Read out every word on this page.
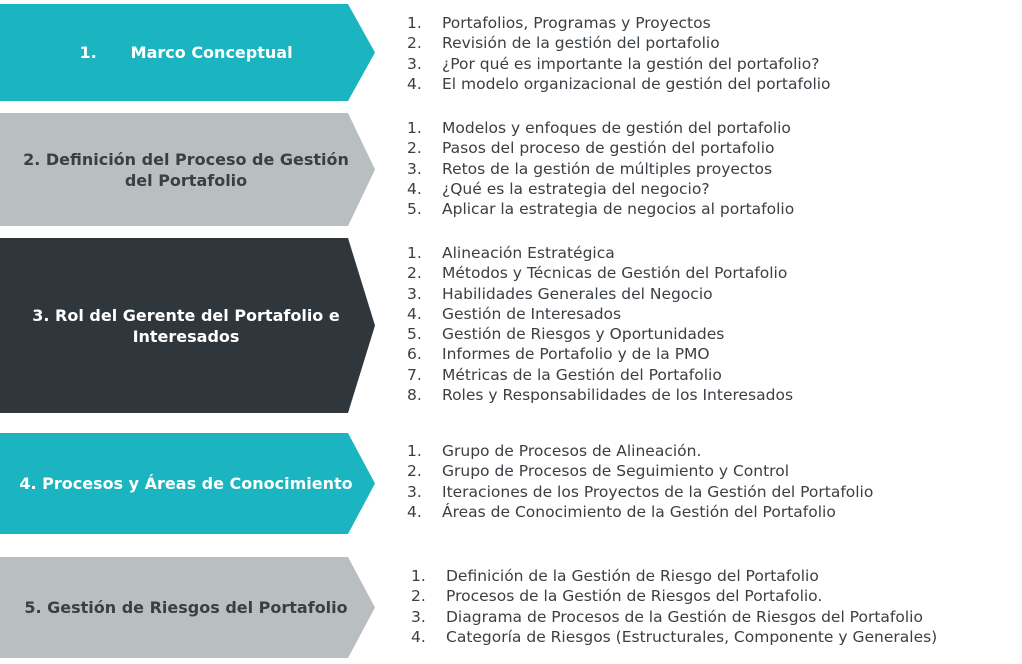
1. Marco Conceptual
1.	Portafolios, Programas y Proyectos
2.	Revisión de la gestión del portafolio
3.	¿Por qué es importante la gestión del portafolio?
4.	El modelo organizacional de gestión del portafolio
2. Definición del Proceso de Gestión del Portafolio
1.	Modelos y enfoques de gestión del portafolio
2.	Pasos del proceso de gestión del portafolio
3.	Retos de la gestión de múltiples proyectos
4.	¿Qué es la estrategia del negocio?
5.	Aplicar la estrategia de negocios al portafolio
3. Rol del Gerente del Portafolio e Interesados
1.	Alineación Estratégica
2.	Métodos y Técnicas de Gestión del Portafolio
3.	Habilidades Generales del Negocio
4.	Gestión de Interesados
5.	Gestión de Riesgos y Oportunidades
6.	Informes de Portafolio y de la PMO
7.	Métricas de la Gestión del Portafolio
8.	Roles y Responsabilidades de los Interesados
4. Procesos y Áreas de Conocimiento
1.	Grupo de Procesos de Alineación.
2.	Grupo de Procesos de Seguimiento y Control
3.	Iteraciones de los Proyectos de la Gestión del Portafolio
4.	Áreas de Conocimiento de la Gestión del Portafolio
5. Gestión de Riesgos del Portafolio
1.	Definición de la Gestión de Riesgo del Portafolio
2.	Procesos de la Gestión de Riesgos del Portafolio.
3.	Diagrama de Procesos de la Gestión de Riesgos del Portafolio
4.	Categoría de Riesgos (Estructurales, Componente y Generales)
